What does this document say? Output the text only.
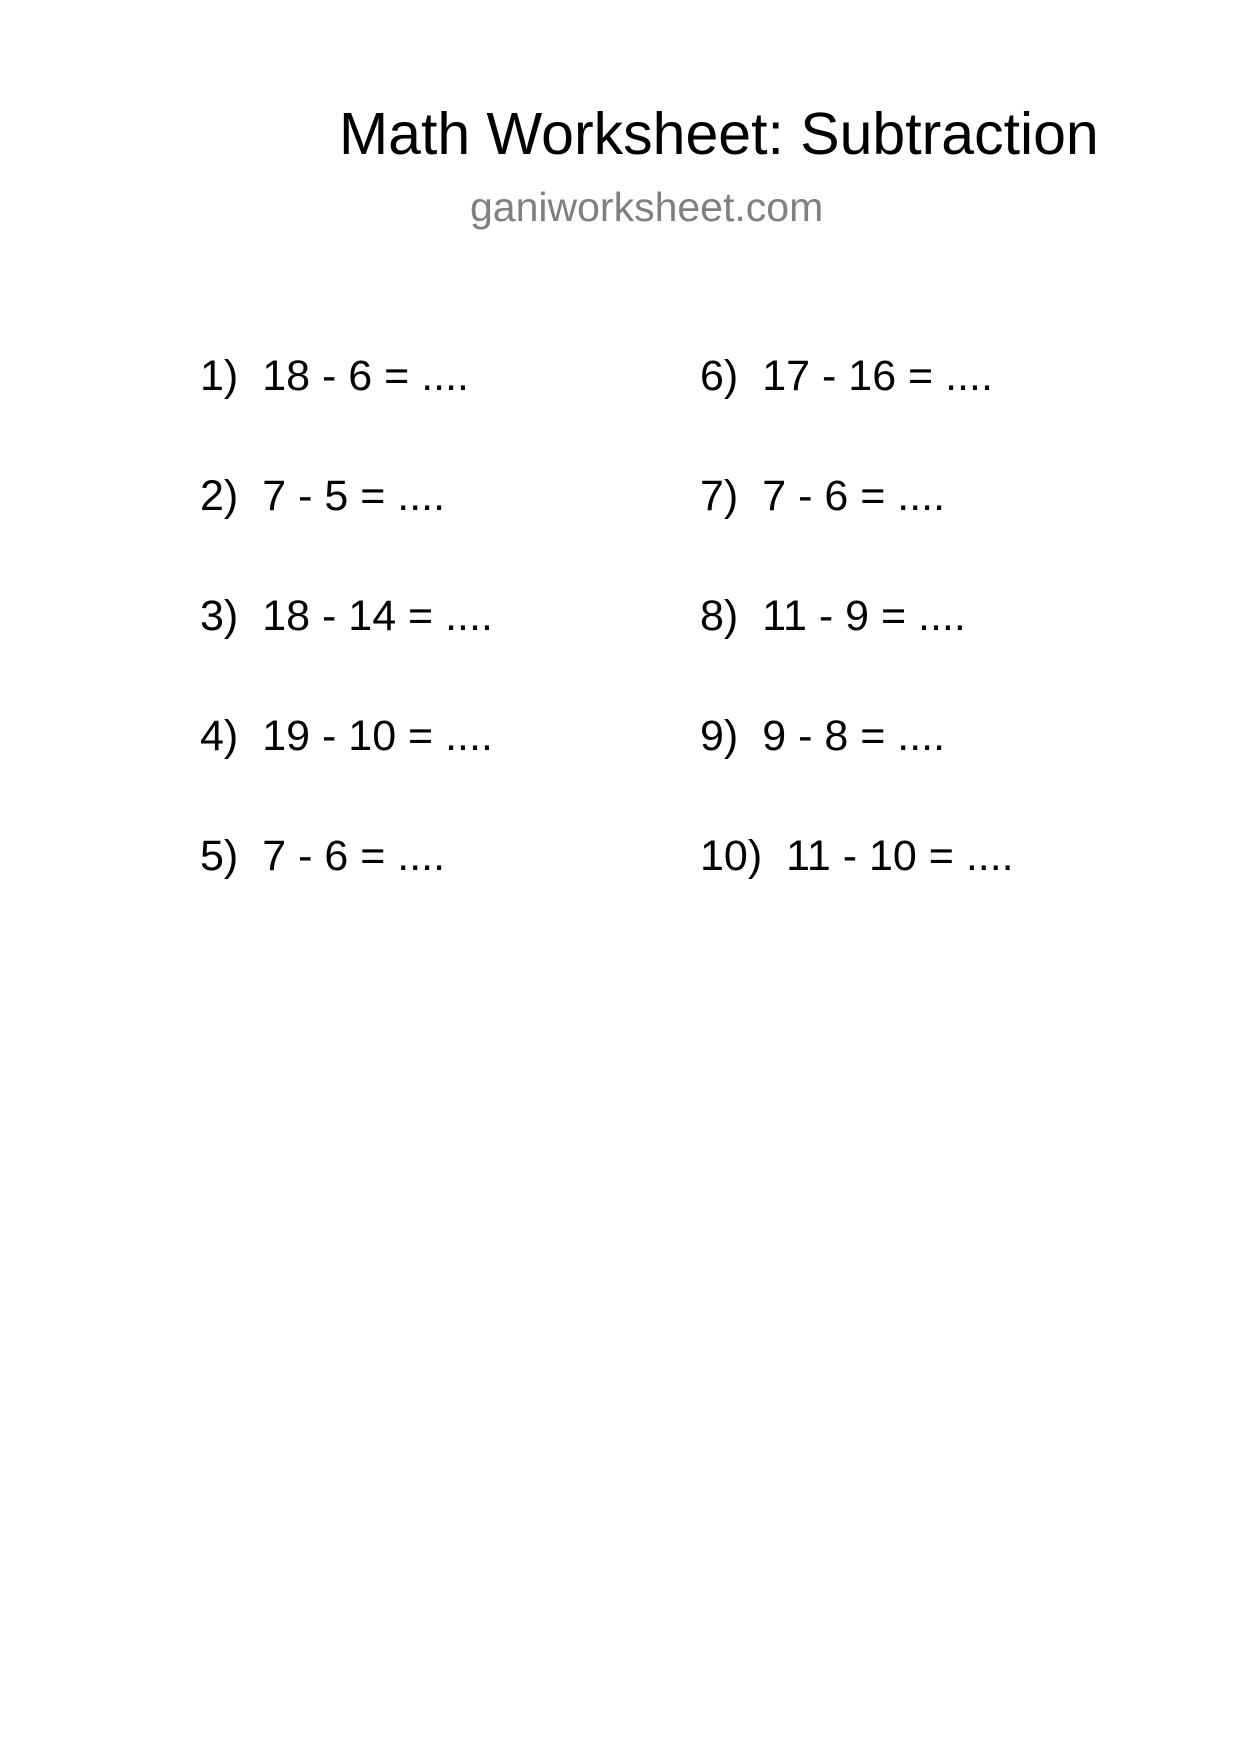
Math Worksheet: Subtraction
ganiworksheet.com
1) 18 - 6 = ....
2) 7 - 5 = ....
3) 18 - 14 = ....
4) 19 - 10 = ....
5) 7 - 6 = ....
6) 17 - 16 = ....
7) 7 - 6 = ....
8) 11 - 9 = ....
9) 9 - 8 = ....
10) 11 - 10 = ....
